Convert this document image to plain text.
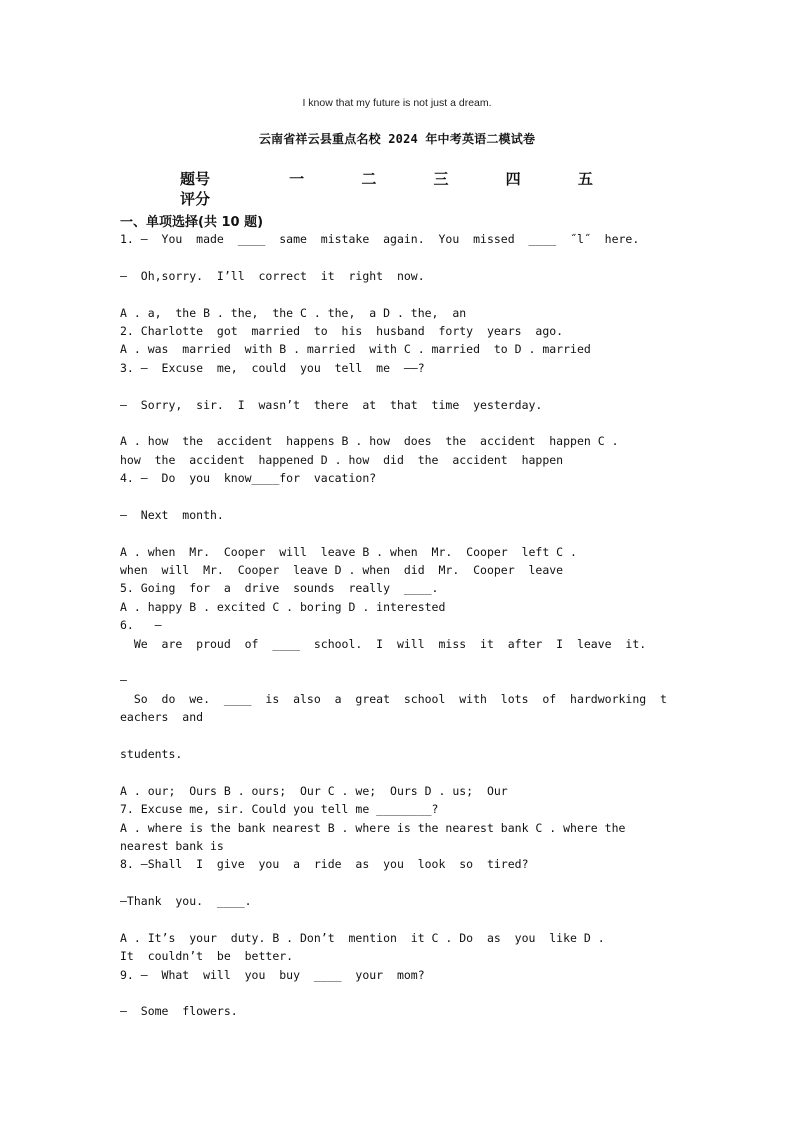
I know that my future is not just a dream.
云南省祥云县重点名校 2024 年中考英语二模试卷
题号	一	二	三	四	五
评分
一、单项选择(共 10 题)
1. —  You  made  ____  same  mistake  again.  You  missed  ____  ˝l˝  here.
—  Oh,sorry.  I’ll  correct  it  right  now.
A . a,  the B . the,  the C . the,  a D . the,  an
2. Charlotte  got  married  to  his  husband  forty  years  ago.
A . was  married  with B . married  with C . married  to D . married
3. —  Excuse  me,  could  you  tell  me  ——?
—  Sorry,  sir.  I  wasn’t  there  at  that  time  yesterday.
A . how  the  accident  happens B . how  does  the  accident  happen C .
how  the  accident  happened D . how  did  the  accident  happen
4. —  Do  you  know____for  vacation?
—  Next  month.
A . when  Mr.  Cooper  will  leave B . when  Mr.  Cooper  left C .
when  will  Mr.  Cooper  leave D . when  did  Mr.  Cooper  leave
5. Going  for  a  drive  sounds  really  ____.
A . happy B . excited C . boring D . interested
6.   —
We  are  proud  of  ____  school.  I  will  miss  it  after  I  leave  it.
—
So  do  we.  ____  is  also  a  great  school  with  lots  of  hardworking  t
eachers  and
students.
A . our;  Ours B . ours;  Our C . we;  Ours D . us;  Our
7. Excuse me, sir. Could you tell me ________?
A . where is the bank nearest B . where is the nearest bank C . where the
nearest bank is
8. —Shall  I  give  you  a  ride  as  you  look  so  tired?
—Thank  you.  ____.
A . It’s  your  duty. B . Don’t  mention  it C . Do  as  you  like D .
It  couldn’t  be  better.
9. —  What  will  you  buy  ____  your  mom?
—  Some  flowers.
